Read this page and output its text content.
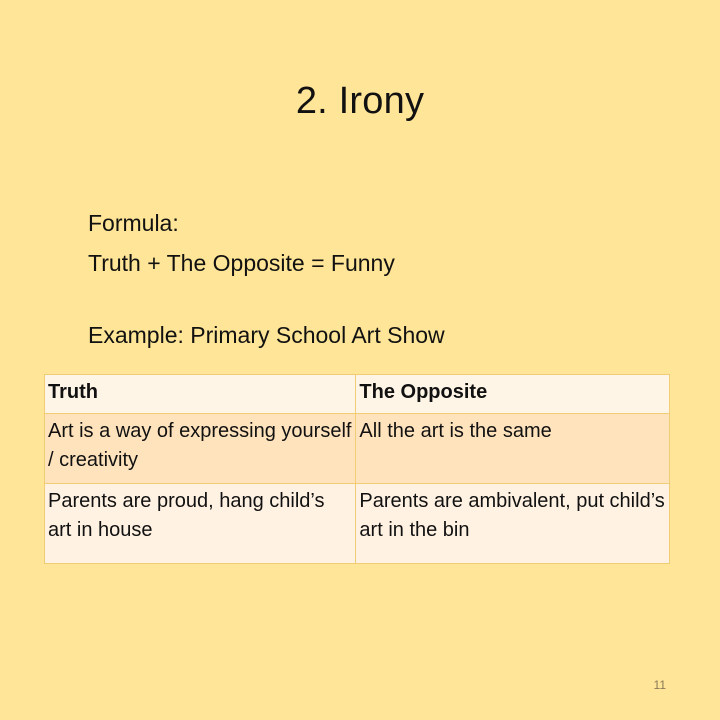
2. Irony
Formula:
Truth + The Opposite = Funny
Example: Primary School Art Show
Truth	The Opposite
Art is a way of expressing yourself / creativity	All the art is the same
Parents are proud, hang child’s art in house	Parents are ambivalent, put child’s art in the bin
11
